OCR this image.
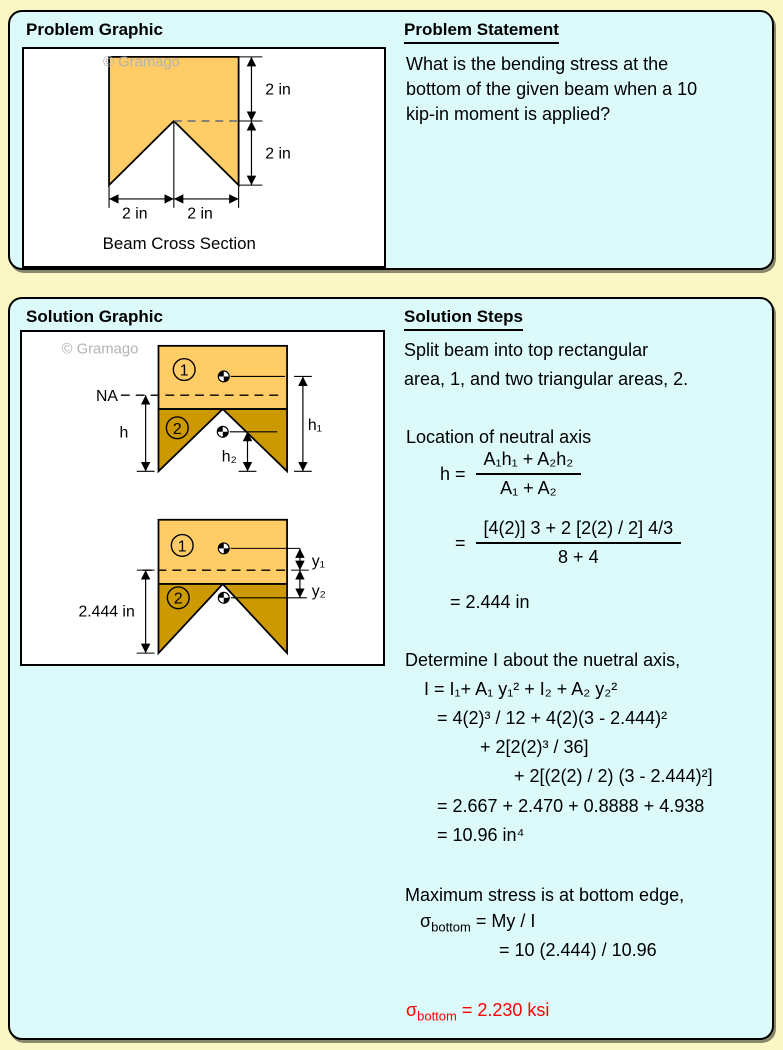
Problem Graphic
© Gramago
2 in
2 in
2 in 2 in
Beam Cross Section
Problem Statement
What is the bending stress at the
bottom of the given beam when a 10
kip-in moment is applied?
Solution Graphic
© Gramago
NA
h	h₁
h₂
1
2
y₁
y₂
2.444 in
1
2
Solution Steps
Split beam into top rectangular
area, 1, and two triangular areas, 2.
Location of neutral axis
$h = \frac{\text{A₁h₁ + A₂h₂}}{\text{A₁ + A₂}}$
= $\frac{[4(2)] 3 + 2 [2(2) / 2] 4/3}{8 + 4}$
= 2.444 in
Determine I about the nuetral axis,
I = I₁+ A₁ y₁² + I₂ + A₂ y₂²
= 4(2)³ / 12 + 4(2)(3 - 2.444)²
+ 2[2(2)³ / 36]
+ 2[(2(2) / 2) (3 - 2.444)²]
= 2.667 + 2.470 + 0.8888 + 4.938
= 10.96 in⁴
Maximum stress is at bottom edge,
$\sigma_{bottom} = My / I$
= 10 (2.444) / 10.96
$\sigma_{bottom} = 2.230$ ksi
